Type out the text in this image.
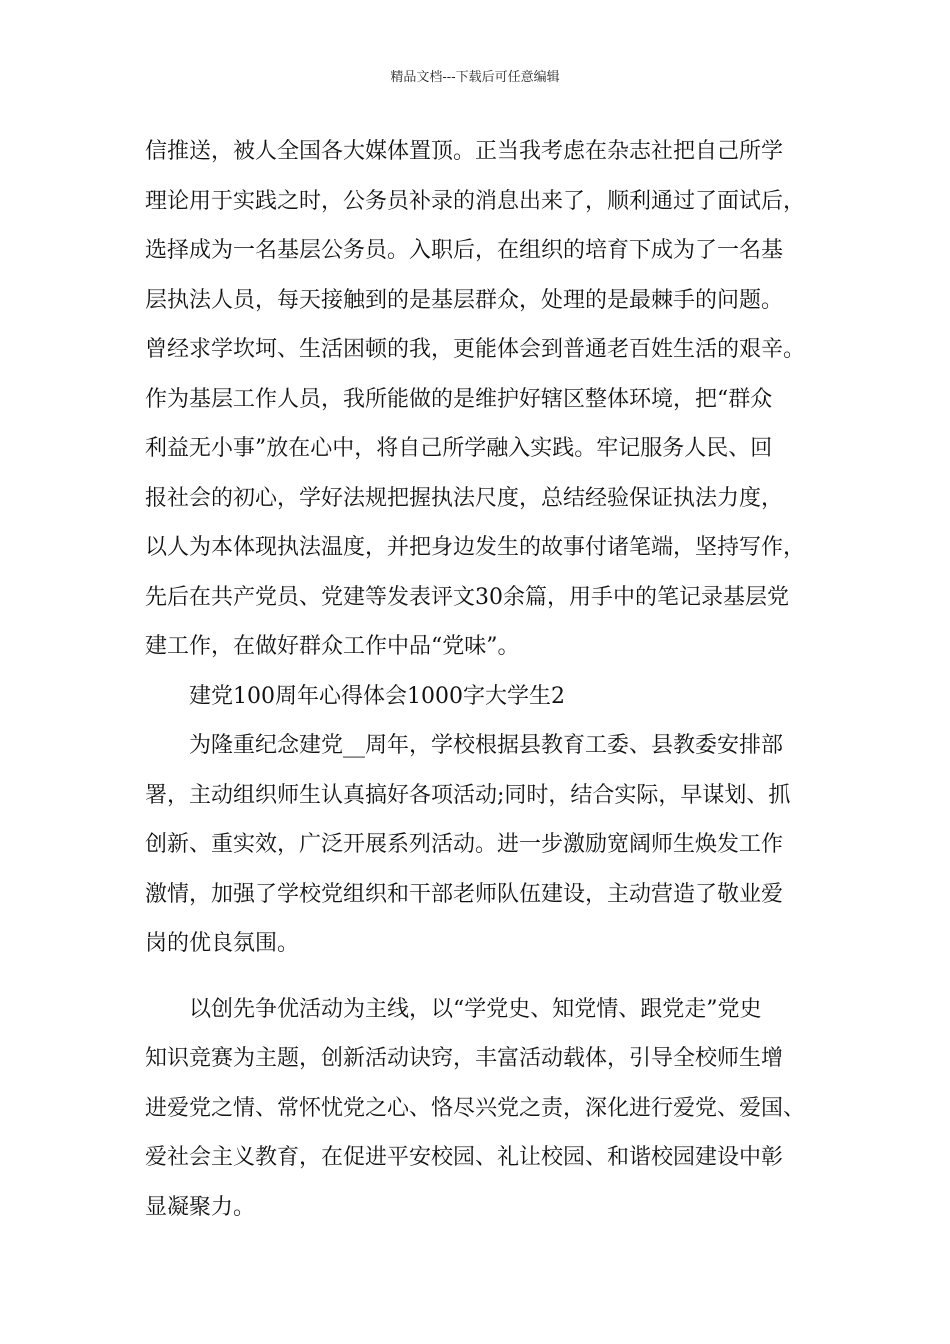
精品文档---下载后可任意编辑
信推送，被人全国各大媒体置顶。正当我考虑在杂志社把自己所学
理论用于实践之时，公务员补录的消息出来了，顺利通过了面试后，
选择成为一名基层公务员。入职后，在组织的培育下成为了一名基
层执法人员，每天接触到的是基层群众，处理的是最棘手的问题。
曾经求学坎坷、生活困顿的我，更能体会到普通老百姓生活的艰辛。
作为基层工作人员，我所能做的是维护好辖区整体环境，把“群众
利益无小事”放在心中，将自己所学融入实践。牢记服务人民、回
报社会的初心，学好法规把握执法尺度，总结经验保证执法力度，
以人为本体现执法温度，并把身边发生的故事付诸笔端，坚持写作，
先后在共产党员、党建等发表评文30余篇，用手中的笔记录基层党
建工作，在做好群众工作中品“党味”。
建党100周年心得体会1000字大学生2
为隆重纪念建党__周年，学校根据县教育工委、县教委安排部
署，主动组织师生认真搞好各项活动;同时，结合实际，早谋划、抓
创新、重实效，广泛开展系列活动。进一步激励宽阔师生焕发工作
激情，加强了学校党组织和干部老师队伍建设，主动营造了敬业爱
岗的优良氛围。
以创先争优活动为主线，以“学党史、知党情、跟党走”党史
知识竞赛为主题，创新活动诀窍，丰富活动载体，引导全校师生增
进爱党之情、常怀忧党之心、恪尽兴党之责，深化进行爱党、爱国、
爱社会主义教育，在促进平安校园、礼让校园、和谐校园建设中彰
显凝聚力。
